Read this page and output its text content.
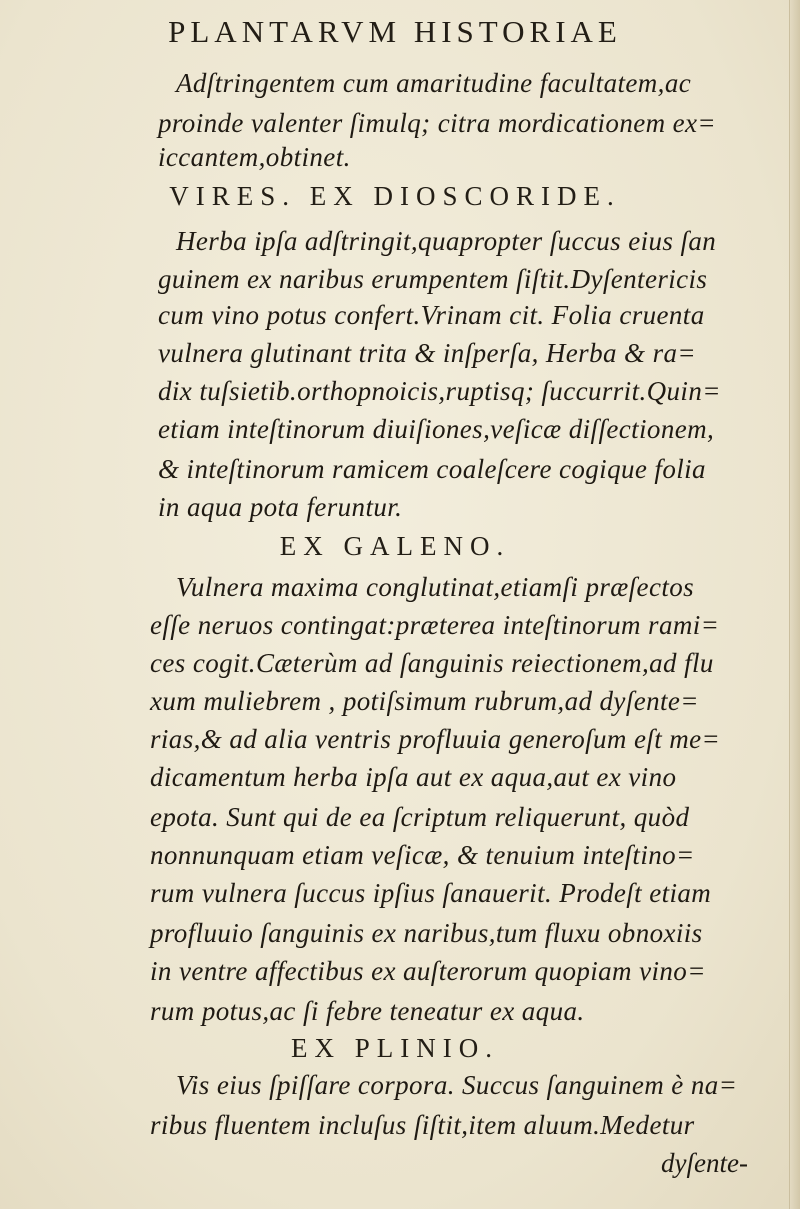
PLANTARVM HISTORIAE
Adſtringentem cum amaritudine facultatem,ac
proinde valenter ſimulq; citra mordicationem ex=
iccantem,obtinet.
VIRES. EX DIOSCORIDE.
Herba ipſa adſtringit,quapropter ſuccus eius ſan
guinem ex naribus erumpentem ſiſtit.Dyſentericis
cum vino potus confert.Vrinam cit. Folia cruenta
vulnera glutinant trita & inſperſa, Herba & ra=
dix tuſsietib.orthopnoicis,ruptisq; ſuccurrit.Quin=
etiam inteſtinorum diuiſiones,veſicæ diſſectionem,
& inteſtinorum ramicem coaleſcere cogique folia
in aqua pota feruntur.
EX GALENO.
Vulnera maxima conglutinat,etiamſi præſectos
eſſe neruos contingat:præterea inteſtinorum rami=
ces cogit.Cæterùm ad ſanguinis reiectionem,ad flu
xum muliebrem , potiſsimum rubrum,ad dyſente=
rias,& ad alia ventris profluuia generoſum eſt me=
dicamentum herba ipſa aut ex aqua,aut ex vino
epota. Sunt qui de ea ſcriptum reliquerunt, quòd
nonnunquam etiam veſicæ, & tenuium inteſtino=
rum vulnera ſuccus ipſius ſanauerit. Prodeſt etiam
profluuio ſanguinis ex naribus,tum fluxu obnoxiis
in ventre affectibus ex auſterorum quopiam vino=
rum potus,ac ſi febre teneatur ex aqua.
EX PLINIO.
Vis eius ſpiſſare corpora. Succus ſanguinem è na=
ribus fluentem incluſus ſiſtit,item aluum.Medetur
dyſente-
